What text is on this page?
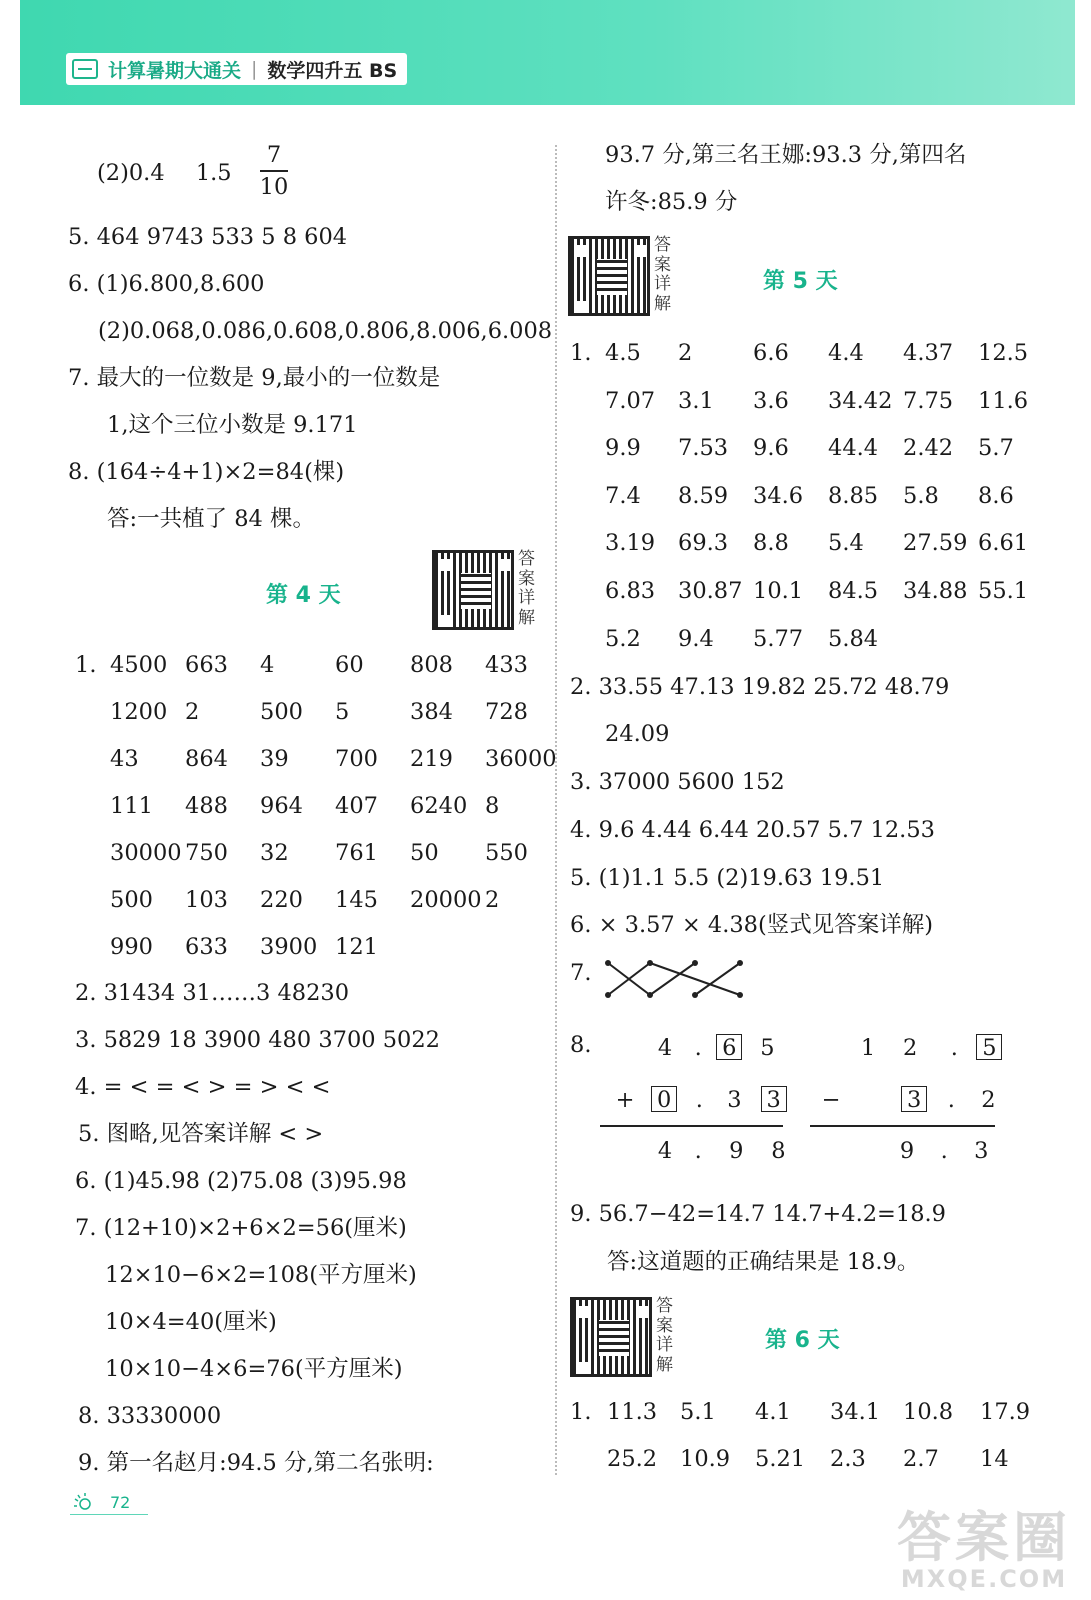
计算暑期大通关 | 数学四升五 BS
(2)0.4 1.5
7
10
5. 464 9743 533 5 8 604
6. (1)6.800,8.600
(2)0.068,0.086,0.608,0.806,8.006,6.008
7. 最大的一位数是 9,最小的一位数是
1,这个三位小数是 9.171
8. (164÷4+1)×2=84(棵)
答:一共植了 84 棵。
第 4 天
答案详解
1. 4500 663 4	60 808 433
1200 2	500 5	384 728
43 864 39 700 219 36000
111 488 964 407 6240 8
30000 750 32 761 50 550
500 103 220 145 20000 2
990 633 3900 121
2. 31434 31……3 48230
3. 5829 18 3900 480 3700 5022
4. = < = < > = > < <
5. 图略,见答案详解 < >
6. (1)45.98 (2)75.08 (3)95.98
7. (12+10)×2+6×2=56(厘米)
12×10−6×2=108(平方厘米)
10×4=40(厘米)
10×10−4×6=76(平方厘米)
8. 33330000
9. 第一名赵月:94.5 分,第二名张明:
93.7 分,第三名王娜:93.3 分,第四名
许冬:85.9 分
答案详解
第 5 天
1. 4.5 2	6.6 4.4 4.37 12.5
7.07 3.1 3.6 34.42 7.75 11.6
9.9 7.53 9.6 44.4 2.42 5.7
7.4 8.59 34.6 8.85 5.8 8.6
3.19 69.3 8.8 5.4 27.59 6.61
6.83 30.87 10.1 84.5 34.88 55.1
5.2 9.4 5.77 5.84
2. 33.55 47.13 19.82 25.72 48.79
24.09
3. 37000 5600 152
4. 9.6 4.44 6.44 20.57 5.7 12.53
5. (1)1.1 5.5 (2)19.63 19.51
6. × 3.57 × 4.38(竖式见答案详解)
7.
8.	4 . 6 5
+ 0 . 3 3
4 . 9 8
1 2 . 5
−	3 . 2
9 . 3
9. 56.7−42=14.7 14.7+4.2=18.9
答:这道题的正确结果是 18.9。
答案详解
第 6 天
1. 11.3 5.1 4.1 34.1 10.8 17.9
25.2 10.9 5.21 2.3 2.7 14
72
答案圈
MXQE.COM
